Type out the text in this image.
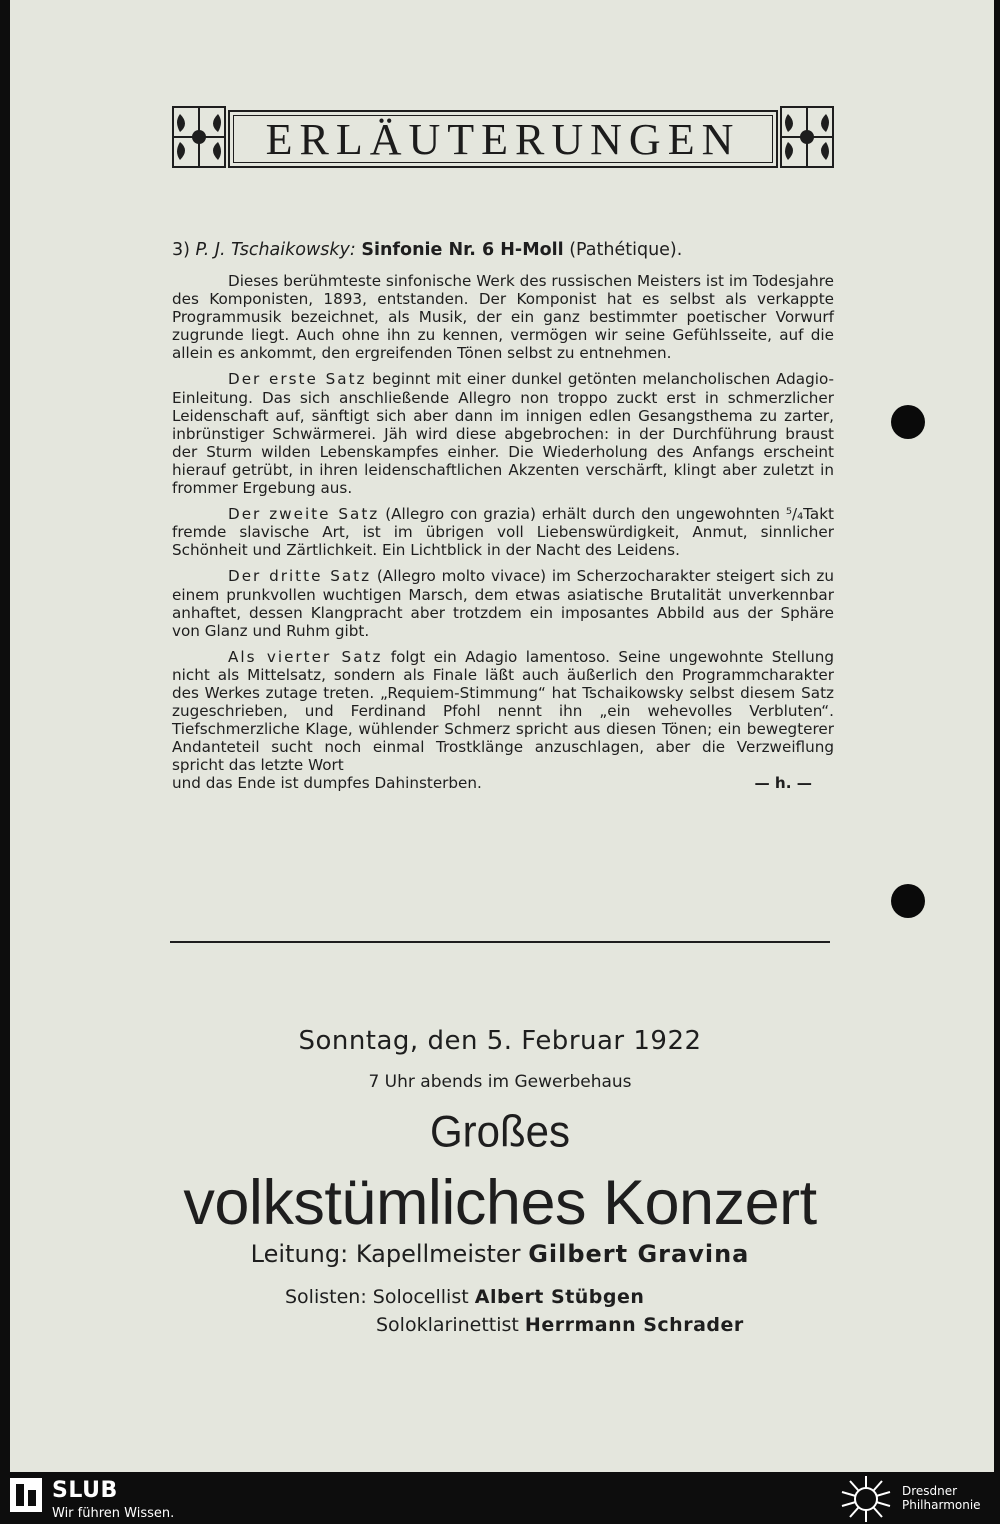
ERLÄUTERUNGEN
3) P. J. Tschaikowsky: Sinfonie Nr. 6 H-Moll (Pathétique).

Dieses berühmteste sinfonische Werk des russischen Meisters ist im Todesjahre des Komponisten, 1893, entstanden. Der Komponist hat es selbst als verkappte Programmusik bezeichnet, als Musik, der ein ganz bestimmter poetischer Vorwurf zugrunde liegt. Auch ohne ihn zu kennen, vermögen wir seine Gefühlsseite, auf die allein es ankommt, den ergreifenden Tönen selbst zu entnehmen.

Der erste Satz beginnt mit einer dunkel getönten melancholischen Adagio-Einleitung. Das sich anschließende Allegro non troppo zuckt erst in schmerzlicher Leidenschaft auf, sänftigt sich aber dann im innigen edlen Gesangsthema zu zarter, inbrünstiger Schwärmerei. Jäh wird diese abgebrochen: in der Durchführung braust der Sturm wilden Lebenskampfes einher. Die Wiederholung des Anfangs erscheint hierauf getrübt, in ihren leidenschaftlichen Akzenten verschärft, klingt aber zuletzt in frommer Ergebung aus.

Der zweite Satz (Allegro con grazia) erhält durch den ungewohnten ⁵/₄Takt fremde slavische Art, ist im übrigen voll Liebenswürdigkeit, Anmut, sinnlicher Schönheit und Zärtlichkeit. Ein Lichtblick in der Nacht des Leidens.

Der dritte Satz (Allegro molto vivace) im Scherzocharakter steigert sich zu einem prunkvollen wuchtigen Marsch, dem etwas asiatische Brutalität unverkennbar anhaftet, dessen Klangpracht aber trotzdem ein imposantes Abbild aus der Sphäre von Glanz und Ruhm gibt.

Als vierter Satz folgt ein Adagio lamentoso. Seine ungewohnte Stellung nicht als Mittelsatz, sondern als Finale läßt auch äußerlich den Programmcharakter des Werkes zutage treten. „Requiem-Stimmung“ hat Tschaikowsky selbst diesem Satz zugeschrieben, und Ferdinand Pfohl nennt ihn „ein wehevolles Verbluten“. Tiefschmerzliche Klage, wühlender Schmerz spricht aus diesen Tönen; ein bewegterer Andanteteil sucht noch einmal Trostklänge anzuschlagen, aber die Verzweiflung spricht das letzte Wort

und das Ende ist dumpfes Dahinsterben.	— h. —
Sonntag, den 5. Februar 1922
7 Uhr abends im Gewerbehaus
Großes
volkstümliches Konzert
Leitung: Kapellmeister Gilbert Gravina
Solisten: Solocellist Albert Stübgen
Soloklarinettist Herrmann Schrader
SLUB
Wir führen Wissen.
Dresdner
Philharmonie
